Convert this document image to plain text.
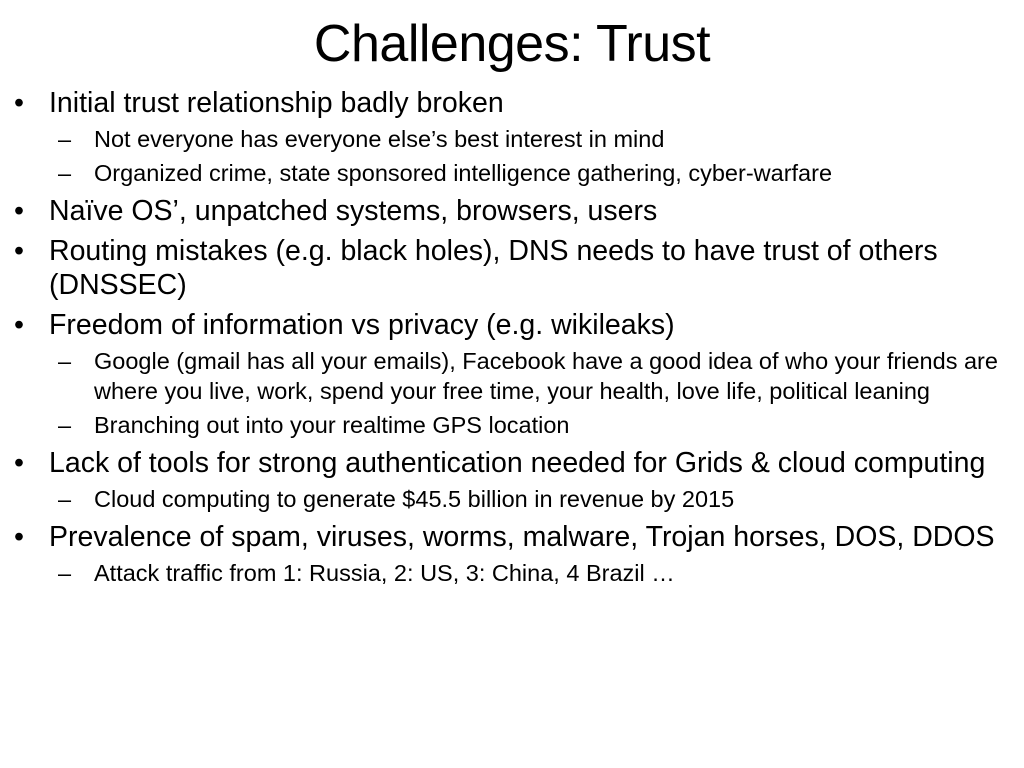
Challenges: Trust
• Initial trust relationship badly broken
– Not everyone has everyone else’s best interest in mind
– Organized crime, state sponsored intelligence gathering, cyber-warfare
• Naïve OS’, unpatched systems, browsers, users
• Routing mistakes (e.g. black holes), DNS needs to have trust of others (DNSSEC)
• Freedom of information vs privacy (e.g. wikileaks)
– Google (gmail has all your emails), Facebook have a good idea of who your friends are where you live, work, spend your free time, your health, love life, political leaning
– Branching out into your realtime GPS location
• Lack of tools for strong authentication needed for Grids & cloud computing
– Cloud computing to generate $45.5 billion in revenue by 2015
• Prevalence of spam, viruses, worms, malware, Trojan horses, DOS, DDOS
– Attack traffic from 1: Russia, 2: US, 3: China, 4 Brazil …
